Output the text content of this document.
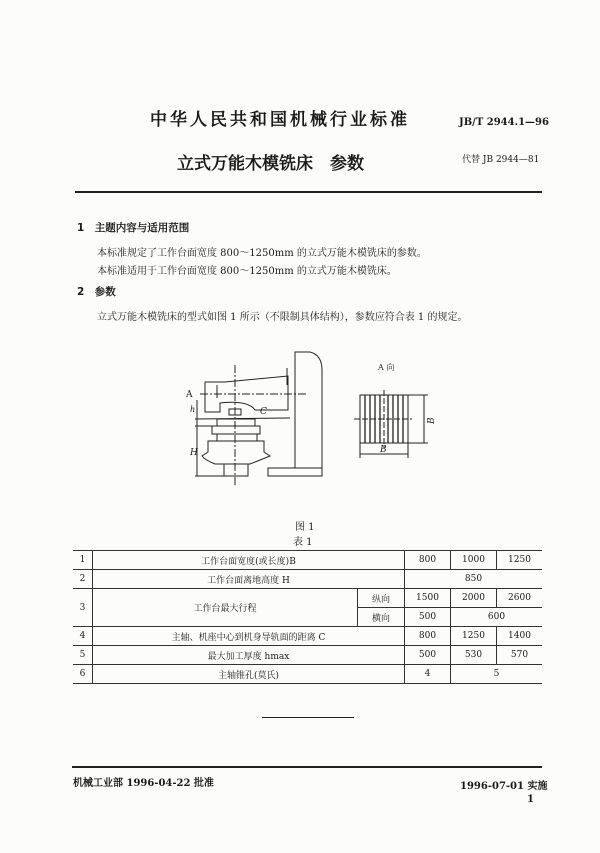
中华人民共和国机械行业标准	JB/T 2944.1—96
立式万能木模铣床　参数	代替 JB 2944—81
1　主题内容与适用范围
本标准规定了工作台面宽度 800～1250mm 的立式万能木模铣床的参数。
本标准适用于工作台面宽度 800～1250mm 的立式万能木模铣床。
2　参数
立式万能木模铣床的型式如图 1 所示（不限制具体结构），参数应符合表 1 的规定。
A
h	C
H
A 向
B
B
图 1
表 1
1	工作台面宽度(或长度)B		800	1000	1250
2	工作台面离地高度 H		850		
3	工作台最大行程	纵向	1500	2000	2600
		横向	500	600	
4	主轴、机座中心到机身导轨面的距离 C		800	1250	1400
5	最大加工厚度 hmax		500	530	570
6	主轴锥孔(莫氏)		4	5	
机械工业部 1996-04-22 批准	1996-07-01 实施
1
